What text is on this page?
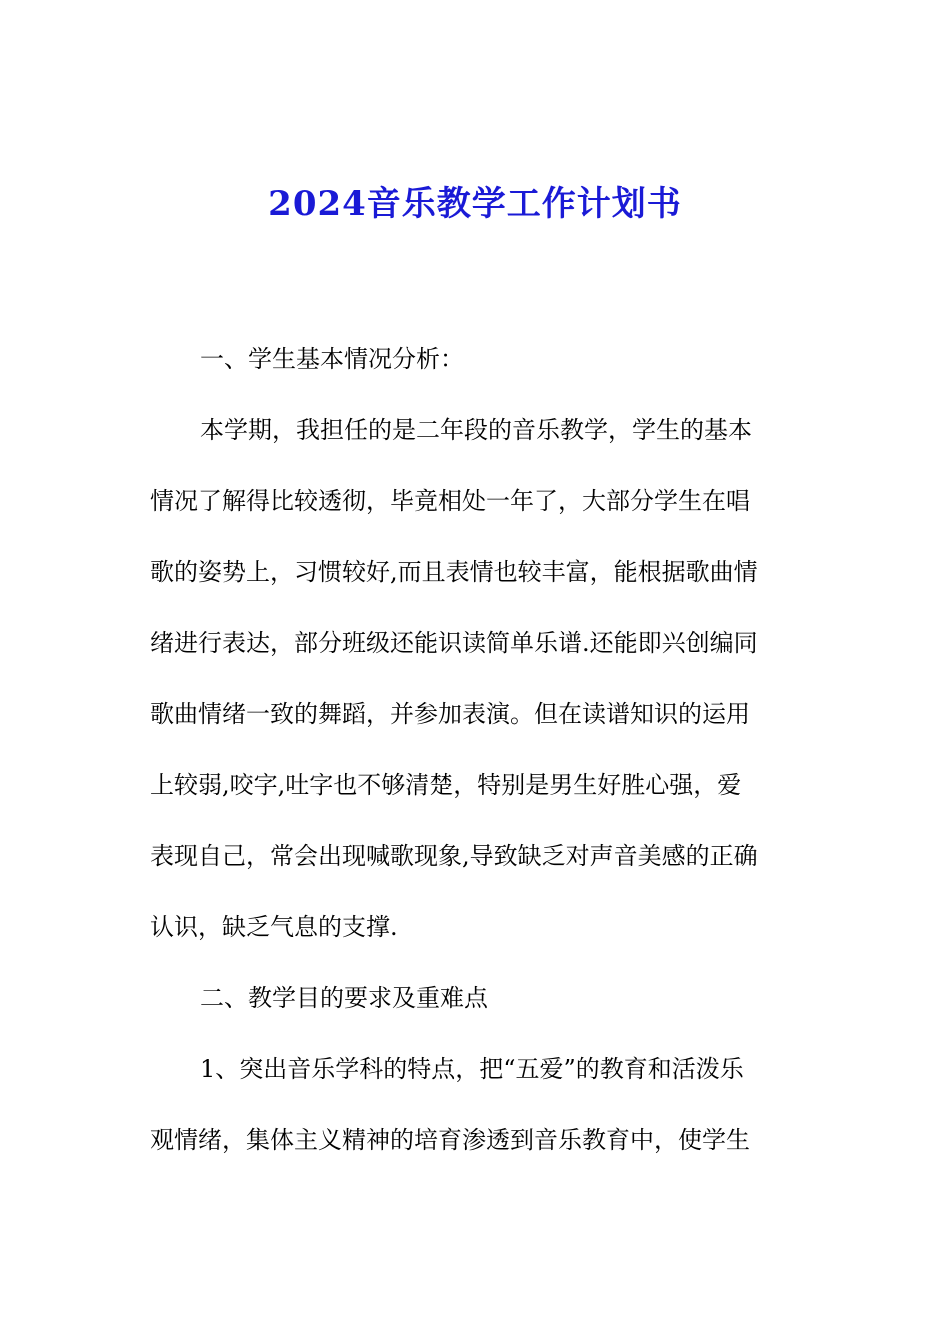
2024音乐教学工作计划书
一、学生基本情况分析：
本学期，我担任的是二年段的音乐教学，学生的基本
情况了解得比较透彻，毕竟相处一年了，大部分学生在唱
歌的姿势上，习惯较好,而且表情也较丰富，能根据歌曲情
绪进行表达，部分班级还能识读简单乐谱.还能即兴创编同
歌曲情绪一致的舞蹈，并参加表演。但在读谱知识的运用
上较弱,咬字,吐字也不够清楚，特别是男生好胜心强，爱
表现自己，常会出现喊歌现象,导致缺乏对声音美感的正确
认识，缺乏气息的支撑.
二、教学目的要求及重难点
1、突出音乐学科的特点，把“五爱”的教育和活泼乐
观情绪，集体主义精神的培育渗透到音乐教育中，使学生
